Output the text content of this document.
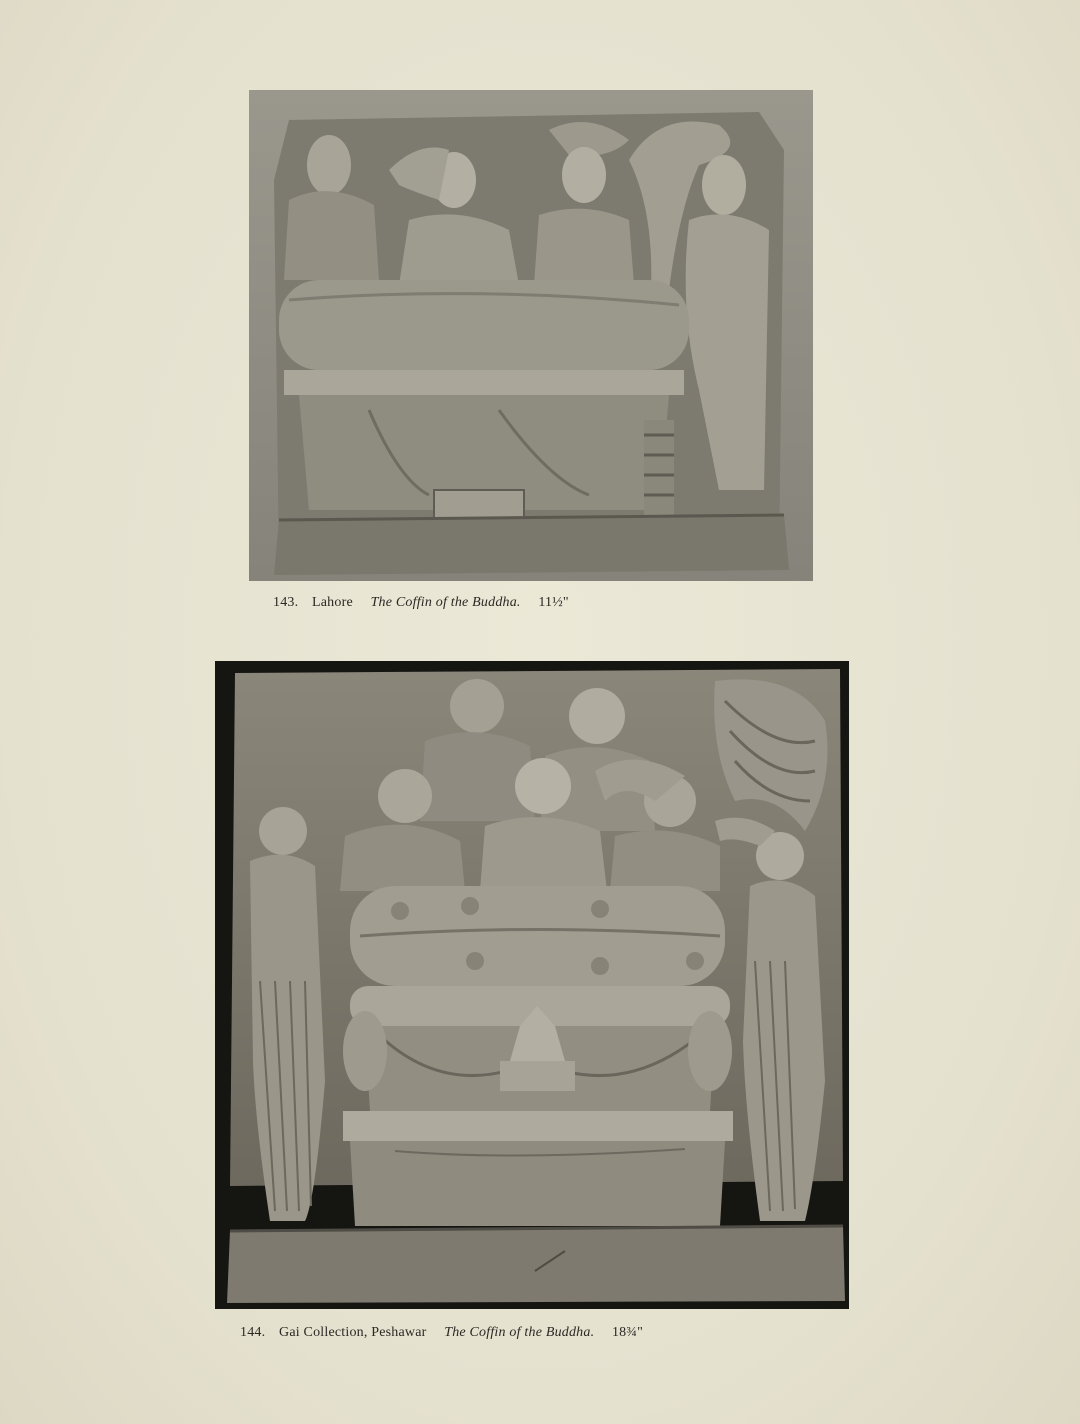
143. Lahore The Coffin of the Buddha. 11½"
144. Gai Collection, Peshawar The Coffin of the Buddha. 18¾"
